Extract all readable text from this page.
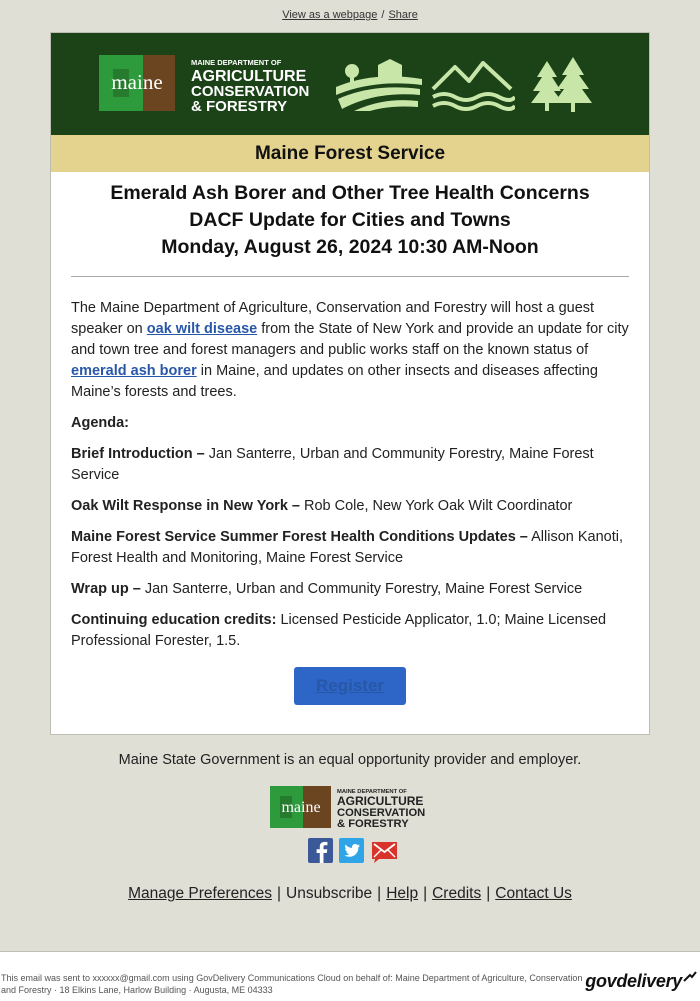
View as a webpage / Share
maine
MAINE DEPARTMENT OF
AGRICULTURE
CONSERVATION
& FORESTRY
Maine Forest Service
Emerald Ash Borer and Other Tree Health Concerns
DACF Update for Cities and Towns
Monday, August 26, 2024 10:30 AM-Noon

The Maine Department of Agriculture, Conservation and Forestry will host a guest speaker on oak wilt disease from the State of New York and provide an update for city and town tree and forest managers and public works staff on the known status of emerald ash borer in Maine, and updates on other insects and diseases affecting Maine’s forests and trees.

Agenda:

Brief Introduction – Jan Santerre, Urban and Community Forestry, Maine Forest Service

Oak Wilt Response in New York – Rob Cole, New York Oak Wilt Coordinator

Maine Forest Service Summer Forest Health Conditions Updates – Allison Kanoti, Forest Health and Monitoring, Maine Forest Service

Wrap up – Jan Santerre, Urban and Community Forestry, Maine Forest Service

Continuing education credits: Licensed Pesticide Applicator, 1.0; Maine Licensed Professional Forester, 1.5.

Register
Maine State Government is an equal opportunity provider and employer.
maine
MAINE DEPARTMENT OF
AGRICULTURE
CONSERVATION
& FORESTRY

Manage Preferences | Unsubscribe | Help | Credits | Contact Us
This email was sent to xxxxxx@gmail.com using GovDelivery Communications Cloud on behalf of: Maine Department of Agriculture, Conservation and Forestry · 18 Elkins Lane, Harlow Building · Augusta, ME 04333	govdelivery
